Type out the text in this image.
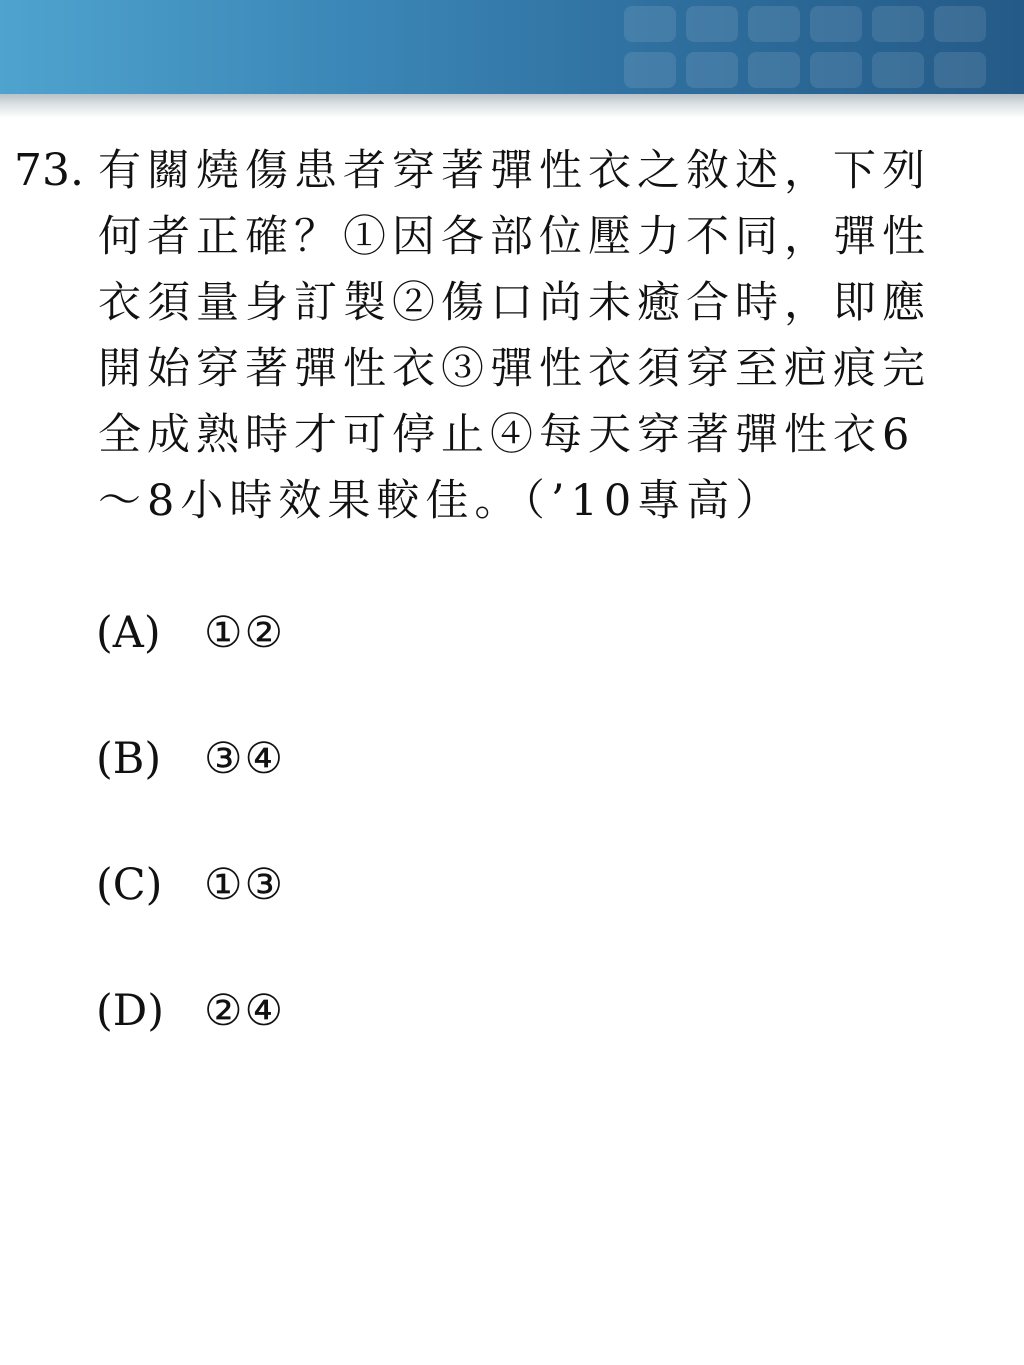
73. 有關燒傷患者穿著彈性衣之敘述，下列
何者正確？①因各部位壓力不同，彈性
衣須量身訂製②傷口尚未癒合時，即應
開始穿著彈性衣③彈性衣須穿至疤痕完
全成熟時才可停止④每天穿著彈性衣6
～8小時效果較佳。（’10專高）
(A)	①②
(B) ③④
(C) ①③
(D) ②④
